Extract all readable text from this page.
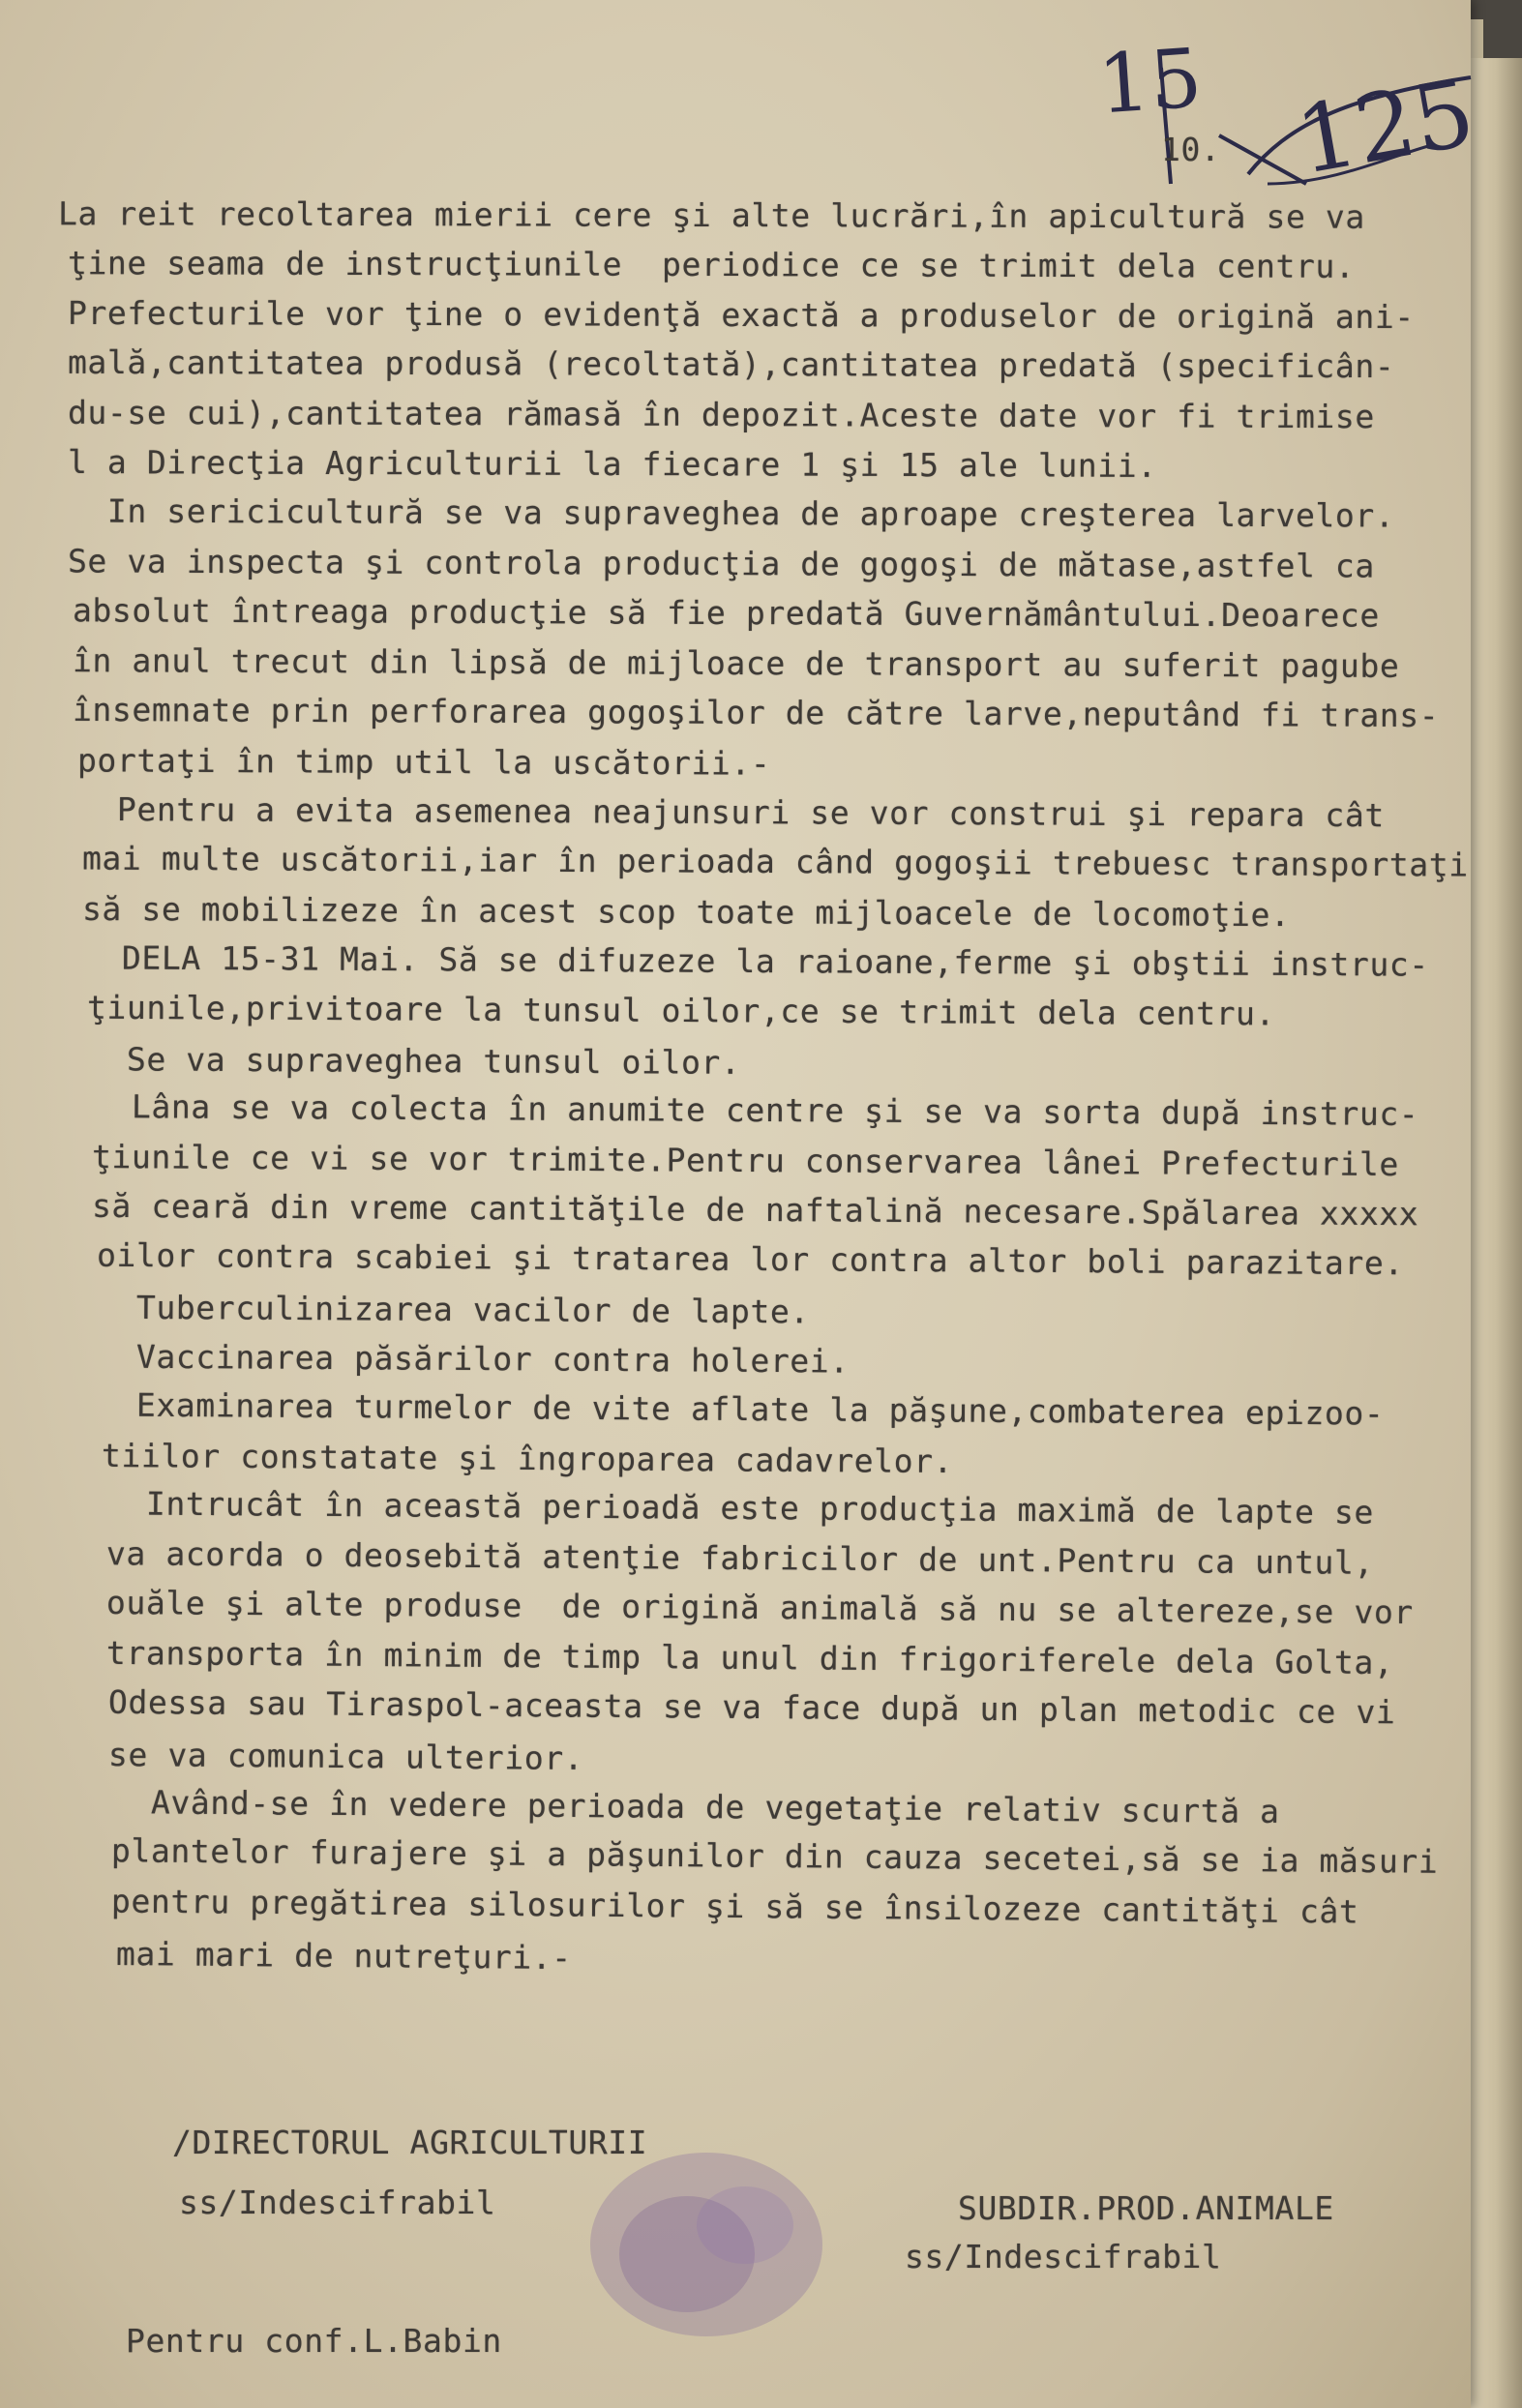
15 125
10.
La reit recoltarea mierii cere şi alte lucrări,în apicultură se va
ţine seama de instrucţiunile  periodice ce se trimit dela centru.
Prefecturile vor ţine o evidenţă exactă a produselor de origină ani-
mală,cantitatea produsă (recoltată),cantitatea predată (specificân-
du-se cui),cantitatea rămasă în depozit.Aceste date vor fi trimise
l a Direcţia Agriculturii la fiecare 1 şi 15 ale lunii.
In sericicultură se va supraveghea de aproape creşterea larvelor.
Se va inspecta şi controla producţia de gogoşi de mătase,astfel ca
absolut întreaga producţie să fie predată Guvernământului.Deoarece
în anul trecut din lipsă de mijloace de transport au suferit pagube
însemnate prin perforarea gogoşilor de către larve,neputând fi trans-
portaţi în timp util la uscătorii.-
Pentru a evita asemenea neajunsuri se vor construi şi repara cât
mai multe uscătorii,iar în perioada când gogoşii trebuesc transportaţi
să se mobilizeze în acest scop toate mijloacele de locomoţie.
DELA 15-31 Mai. Să se difuzeze la raioane,ferme şi obştii instruc-
ţiunile,privitoare la tunsul oilor,ce se trimit dela centru.
Se va supraveghea tunsul oilor.
Lâna se va colecta în anumite centre şi se va sorta după instruc-
ţiunile ce vi se vor trimite.Pentru conservarea lânei Prefecturile
să ceară din vreme cantităţile de naftalină necesare.Spălarea xxxxx
oilor contra scabiei şi tratarea lor contra altor boli parazitare.
Tuberculinizarea vacilor de lapte.
Vaccinarea păsărilor contra holerei.
Examinarea turmelor de vite aflate la păşune,combaterea epizoo-
tiilor constatate şi îngroparea cadavrelor.
Intrucât în această perioadă este producţia maximă de lapte se
va acorda o deosebită atenţie fabricilor de unt.Pentru ca untul,
ouăle şi alte produse  de origină animală să nu se altereze,se vor
transporta în minim de timp la unul din frigoriferele dela Golta,
Odessa sau Tiraspol-aceasta se va face după un plan metodic ce vi
se va comunica ulterior.
Având-se în vedere perioada de vegetaţie relativ scurtă a
plantelor furajere şi a păşunilor din cauza secetei,să se ia măsuri
pentru pregătirea silosurilor şi să se însilozeze cantităţi cât
mai mari de nutreţuri.-
/DIRECTORUL AGRICULTURII
ss/Indescifrabil	SUBDIR.PROD.ANIMALE
ss/Indescifrabil
Pentru conf.L.Babin
